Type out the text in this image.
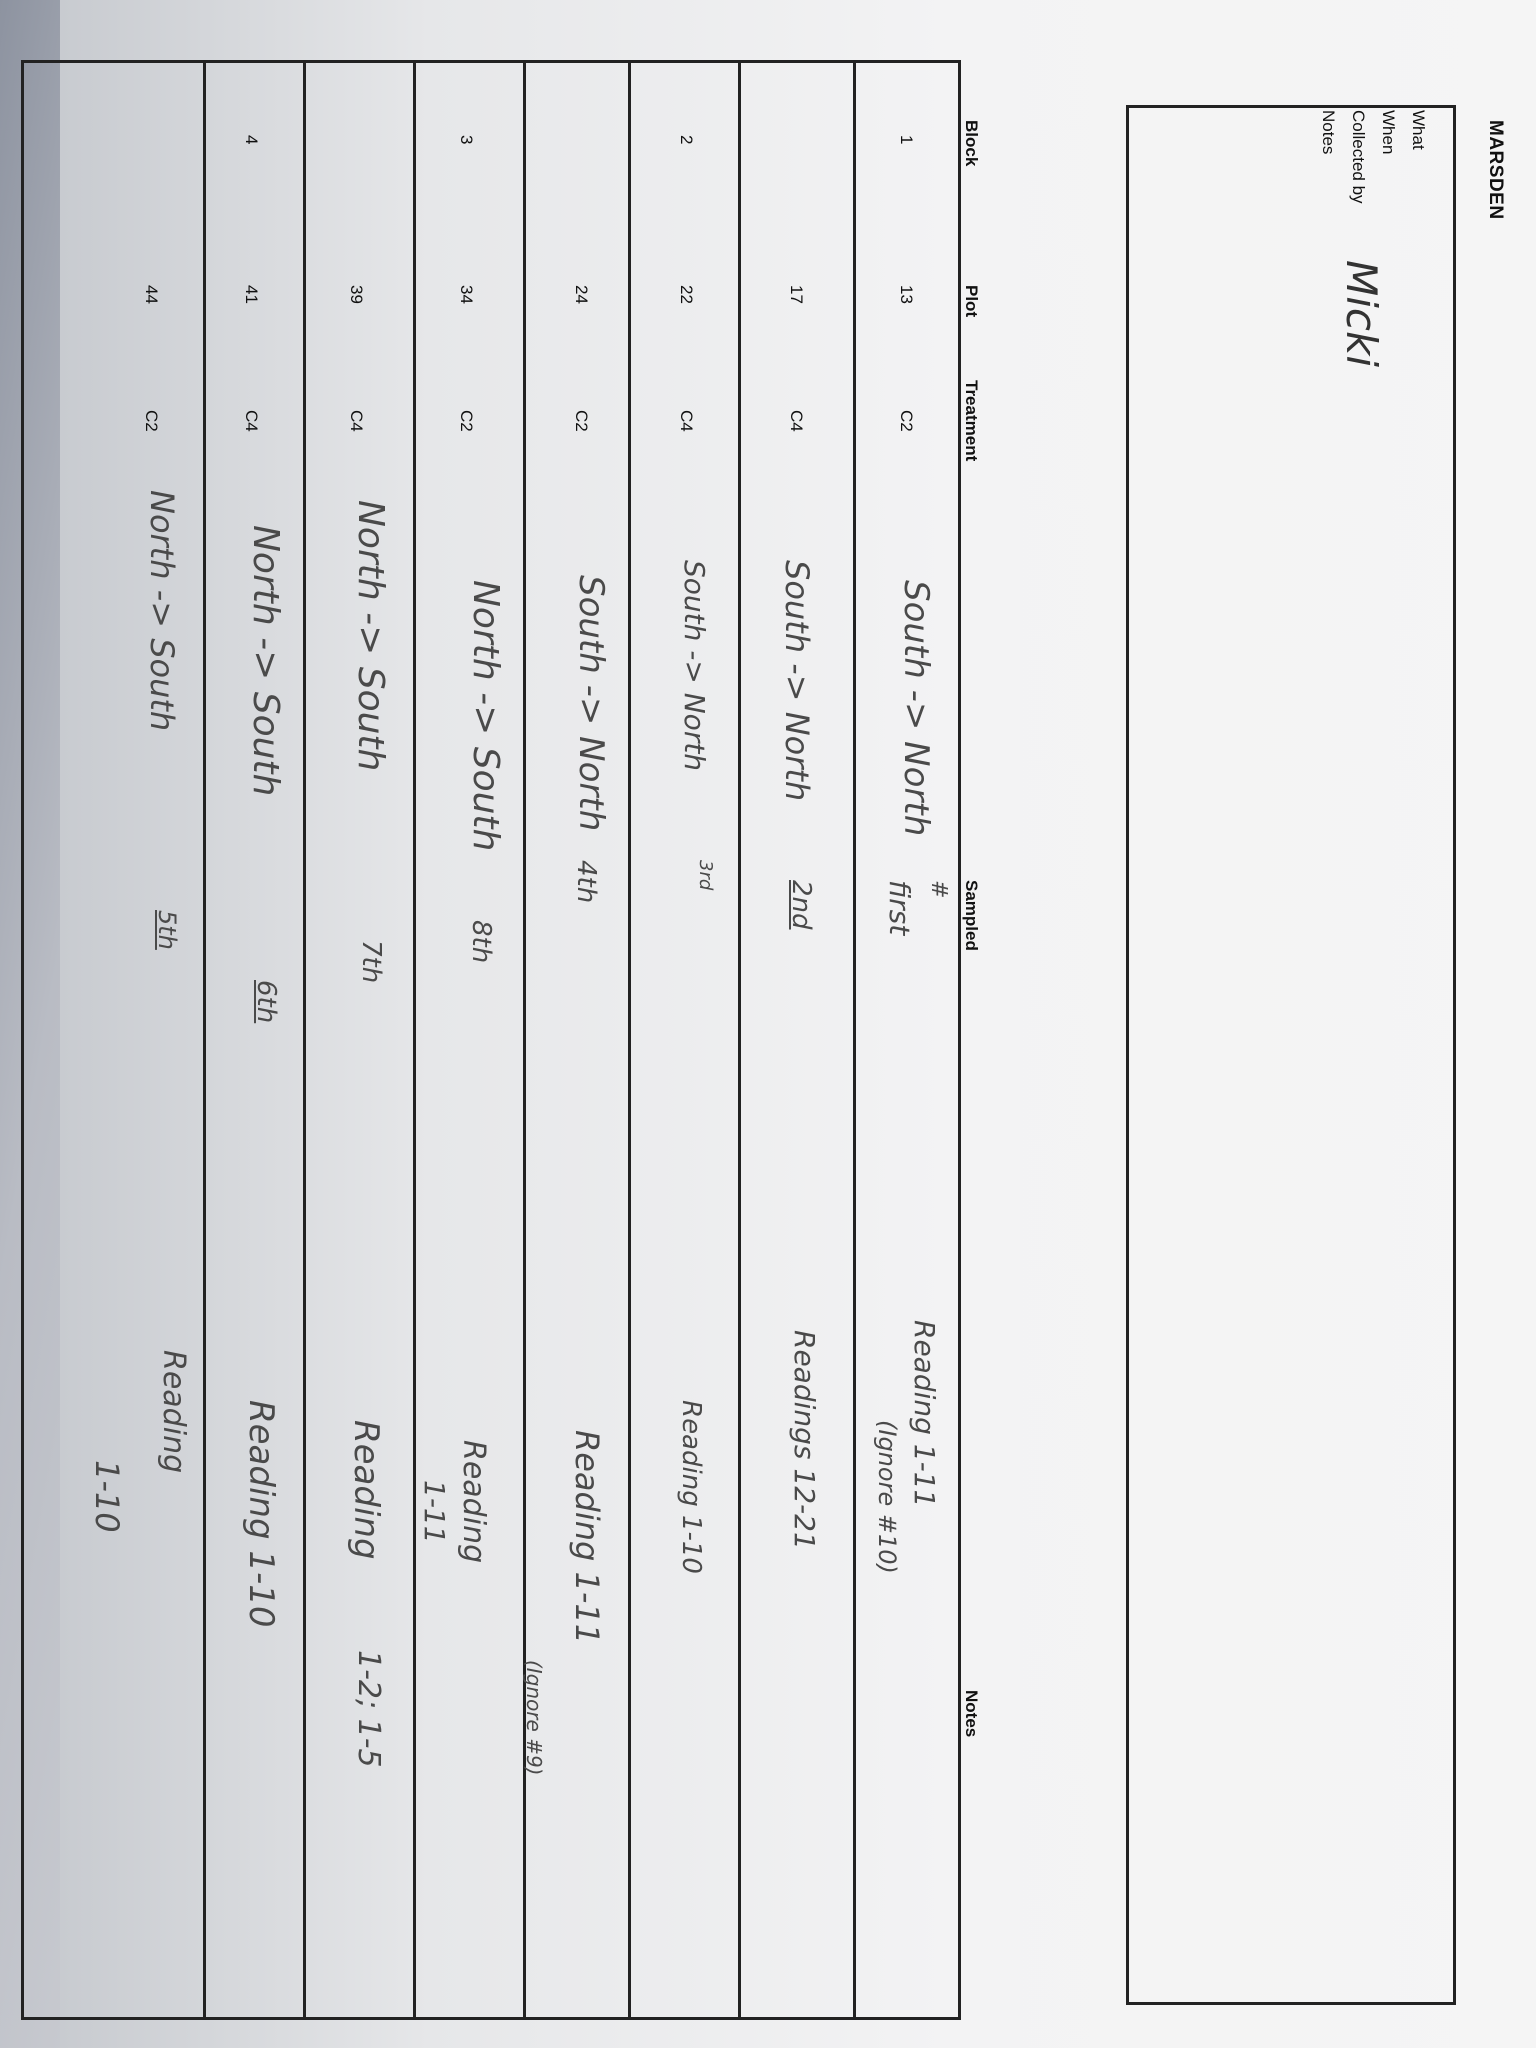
MARSDEN
What
When
Collected by
Micki
Notes
Block
Plot
Treatment
Sampled
Notes
1
13
C2
South -> North
first #
Reading 1-11
(Ignore #10)
17
C4
South -> North
2nd
Readings 12-21
2
22
C4
South -> North
3rd
Reading 1-10
24
C2
South -> North
4th
Reading 1-11
(Ignore #9)
3
34
C2
North -> South
8th
Reading
1-11
39
C4
North -> South
7th
Reading
1-2; 1-5
4
41
C4
North -> South
6th
Reading 1-10
44
C2
North -> South
5th
Reading
1-10
